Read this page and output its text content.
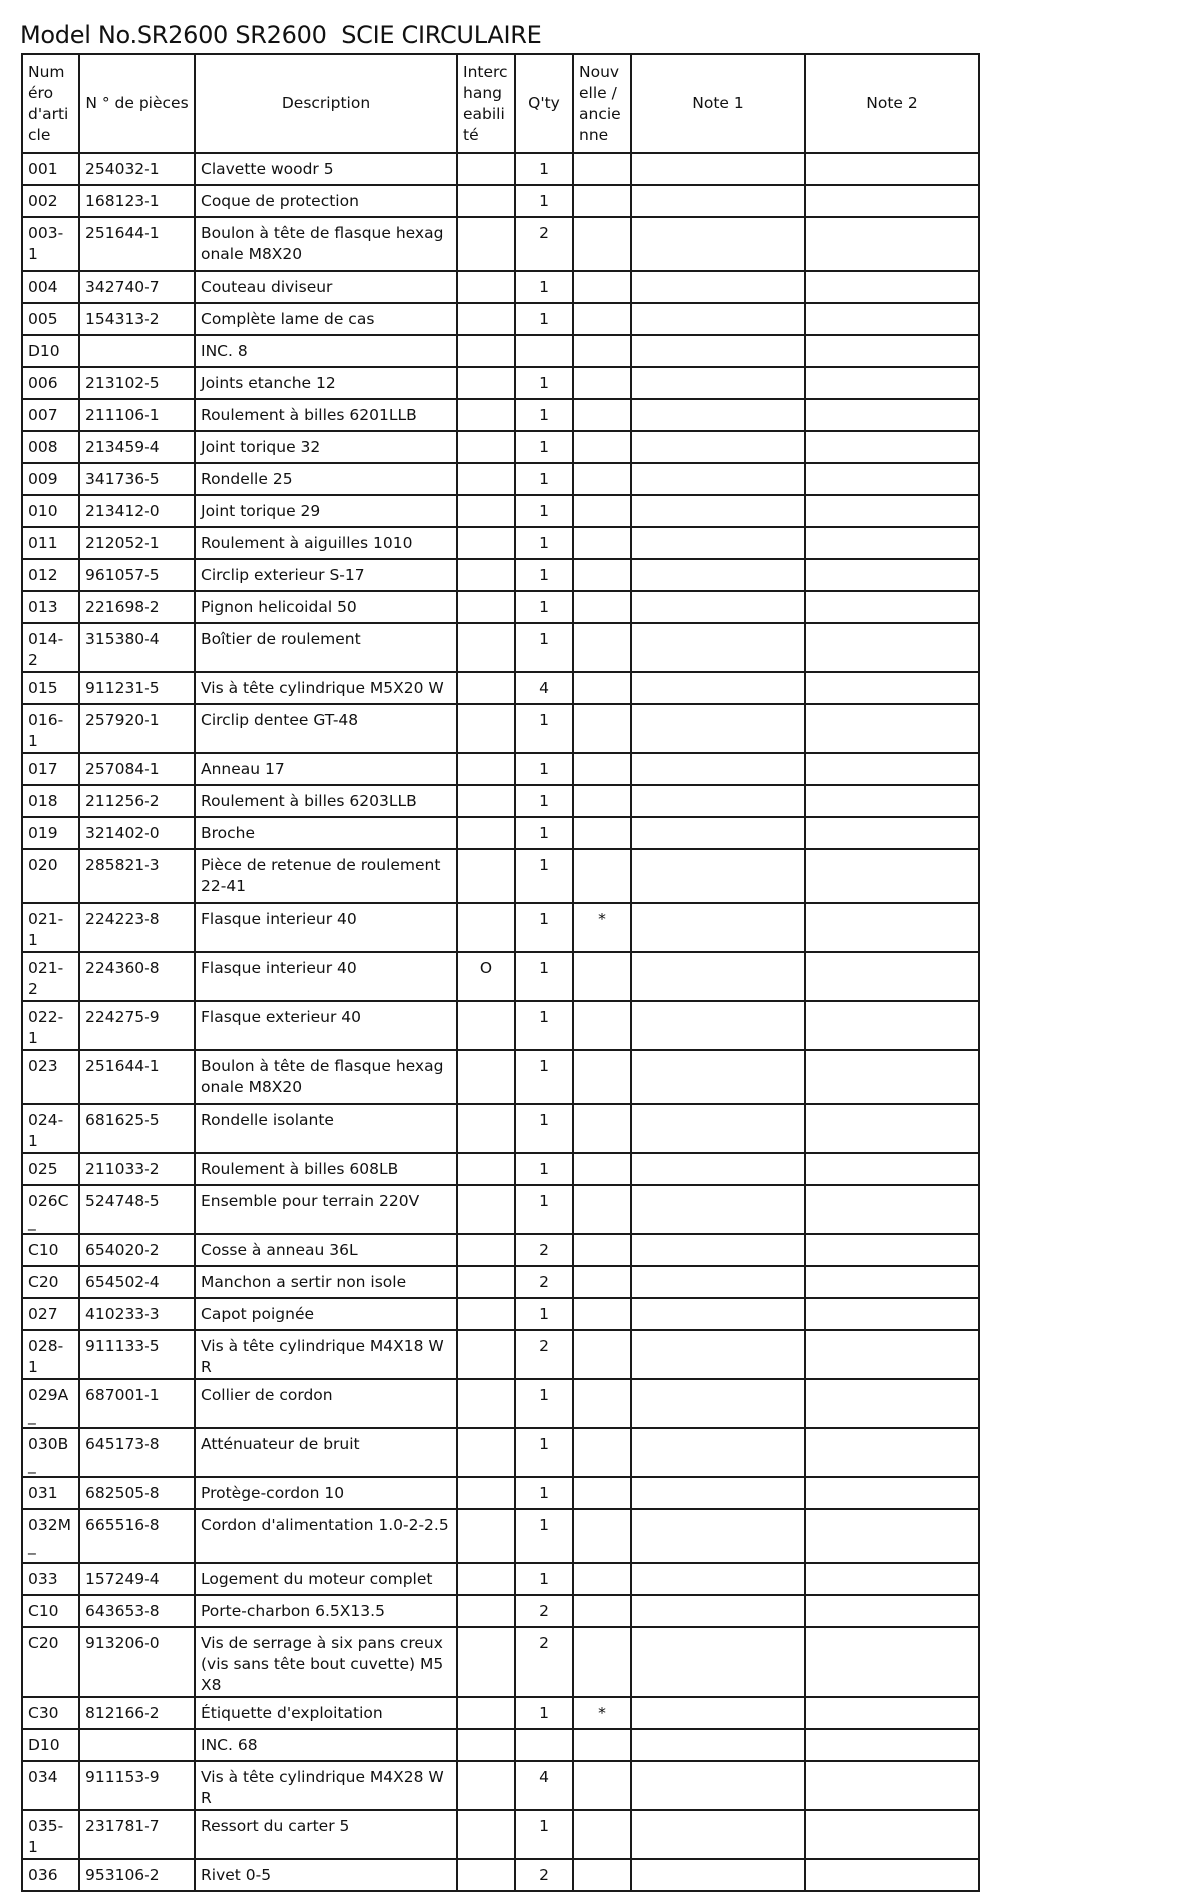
Model No.SR2600 SR2600  SCIE CIRCULAIRE
Numéro d'article	N ° de pièces	Description	Interchangeabilité	Q'ty	Nouvelle / ancienne	Note 1	Note 2
001	254032-1	Clavette woodr 5		1			
002	168123-1	Coque de protection		1			
003-1	251644-1	Boulon à tête de flasque hexagonale M8X20		2			
004	342740-7	Couteau diviseur		1			
005	154313-2	Complète lame de cas		1			
D10		INC. 8					
006	213102-5	Joints etanche 12		1			
007	211106-1	Roulement à billes 6201LLB		1			
008	213459-4	Joint torique 32		1			
009	341736-5	Rondelle 25		1			
010	213412-0	Joint torique 29		1			
011	212052-1	Roulement à aiguilles 1010		1			
012	961057-5	Circlip exterieur S-17		1			
013	221698-2	Pignon helicoidal 50		1			
014-2	315380-4	Boîtier de roulement		1			
015	911231-5	Vis à tête cylindrique M5X20 W		4			
016-1	257920-1	Circlip dentee GT-48		1			
017	257084-1	Anneau 17		1			
018	211256-2	Roulement à billes 6203LLB		1			
019	321402-0	Broche		1			
020	285821-3	Pièce de retenue de roulement 22-41		1			
021-1	224223-8	Flasque interieur 40		1	*		
021-2	224360-8	Flasque interieur 40	O	1			
022-1	224275-9	Flasque exterieur 40		1			
023	251644-1	Boulon à tête de flasque hexagonale M8X20		1			
024-1	681625-5	Rondelle isolante		1			
025	211033-2	Roulement à billes 608LB		1			
026C_	524748-5	Ensemble pour terrain 220V		1			
C10	654020-2	Cosse à anneau 36L		2			
C20	654502-4	Manchon a sertir non isole		2			
027	410233-3	Capot poignée		1			
028-1	911133-5	Vis à tête cylindrique M4X18 WR		2			
029A_	687001-1	Collier de cordon		1			
030B_	645173-8	Atténuateur de bruit		1			
031	682505-8	Protège-cordon 10		1			
032M_	665516-8	Cordon d'alimentation 1.0-2-2.5		1			
033	157249-4	Logement du moteur complet		1			
C10	643653-8	Porte-charbon 6.5X13.5		2			
C20	913206-0	Vis de serrage à six pans creux (vis sans tête bout cuvette) M5X8		2			
C30	812166-2	Étiquette d'exploitation		1	*		
D10		INC. 68					
034	911153-9	Vis à tête cylindrique M4X28 WR		4			
035-1	231781-7	Ressort du carter 5		1			
036	953106-2	Rivet 0-5		2			
